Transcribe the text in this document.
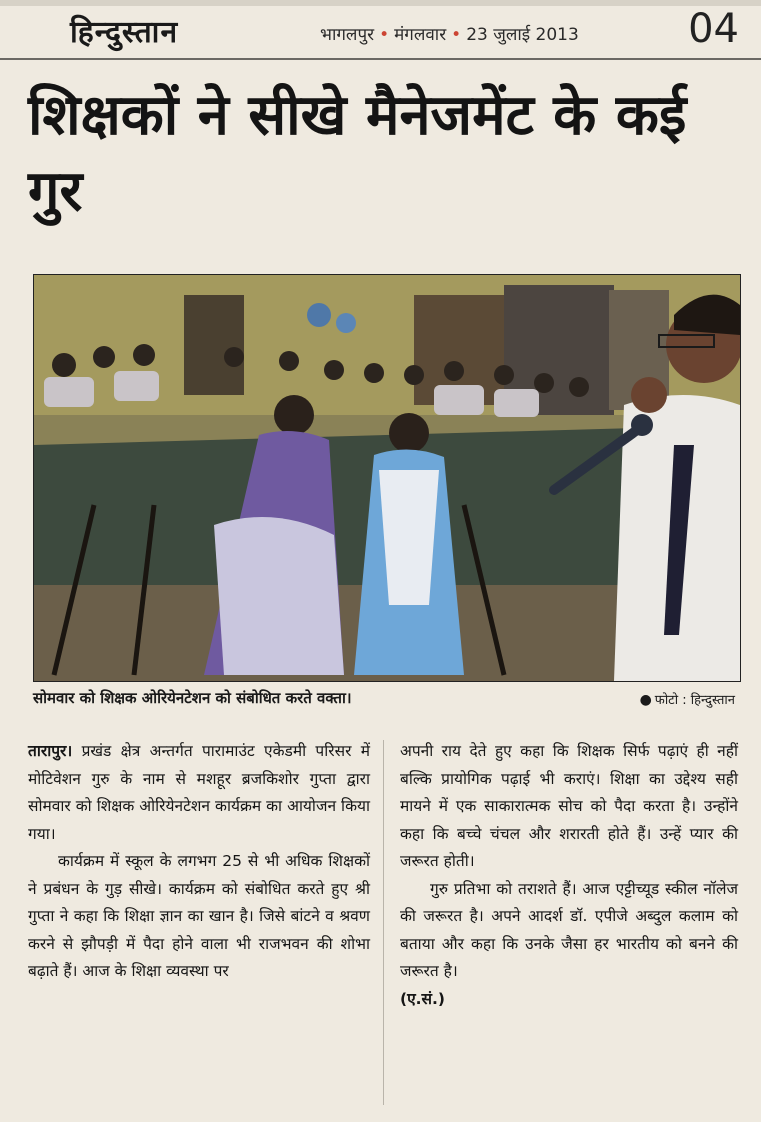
हिन्दुस्तान	भागलपुर • मंगलवार • 23 जुलाई 2013	04
शिक्षकों ने सीखे मैनेजमेंट के कई गुर
सोमवार को शिक्षक ओरियेनटेशन को संबोधित करते वक्ता।	● फोटो : हिन्दुस्तान

तारापुर। प्रखंड क्षेत्र अन्तर्गत पारामाउंट एकेडमी परिसर में मोटिवेशन गुरु के नाम से मशहूर ब्रजकिशोर गुप्ता द्वारा सोमवार को शिक्षक ओरियेनटेशन कार्यक्रम का आयोजन किया गया।

कार्यक्रम में स्कूल के लगभग 25 से भी अधिक शिक्षकों ने प्रबंधन के गुड़ सीखे। कार्यक्रम को संबोधित करते हुए श्री गुप्ता ने कहा कि शिक्षा ज्ञान का खान है। जिसे बांटने व श्रवण करने से झौपड़ी में पैदा होने वाला भी राजभवन की शोभा बढ़ाते हैं। आज के शिक्षा व्यवस्था पर

अपनी राय देते हुए कहा कि शिक्षक सिर्फ पढ़ाएं ही नहीं बल्कि प्रायोगिक पढ़ाई भी कराएं। शिक्षा का उद्देश्य सही मायने में एक साकारात्मक सोच को पैदा करता है। उन्होंने कहा कि बच्चे चंचल और शरारती होते हैं। उन्हें प्यार की जरूरत होती।

गुरु प्रतिभा को तराशते हैं। आज एट्टीच्यूड स्कील नॉलेज की जरूरत है। अपने आदर्श डॉ. एपीजे अब्दुल कलाम को बताया और कहा कि उनके जैसा हर भारतीय को बनने की जरूरत है।

(ए.सं.)
